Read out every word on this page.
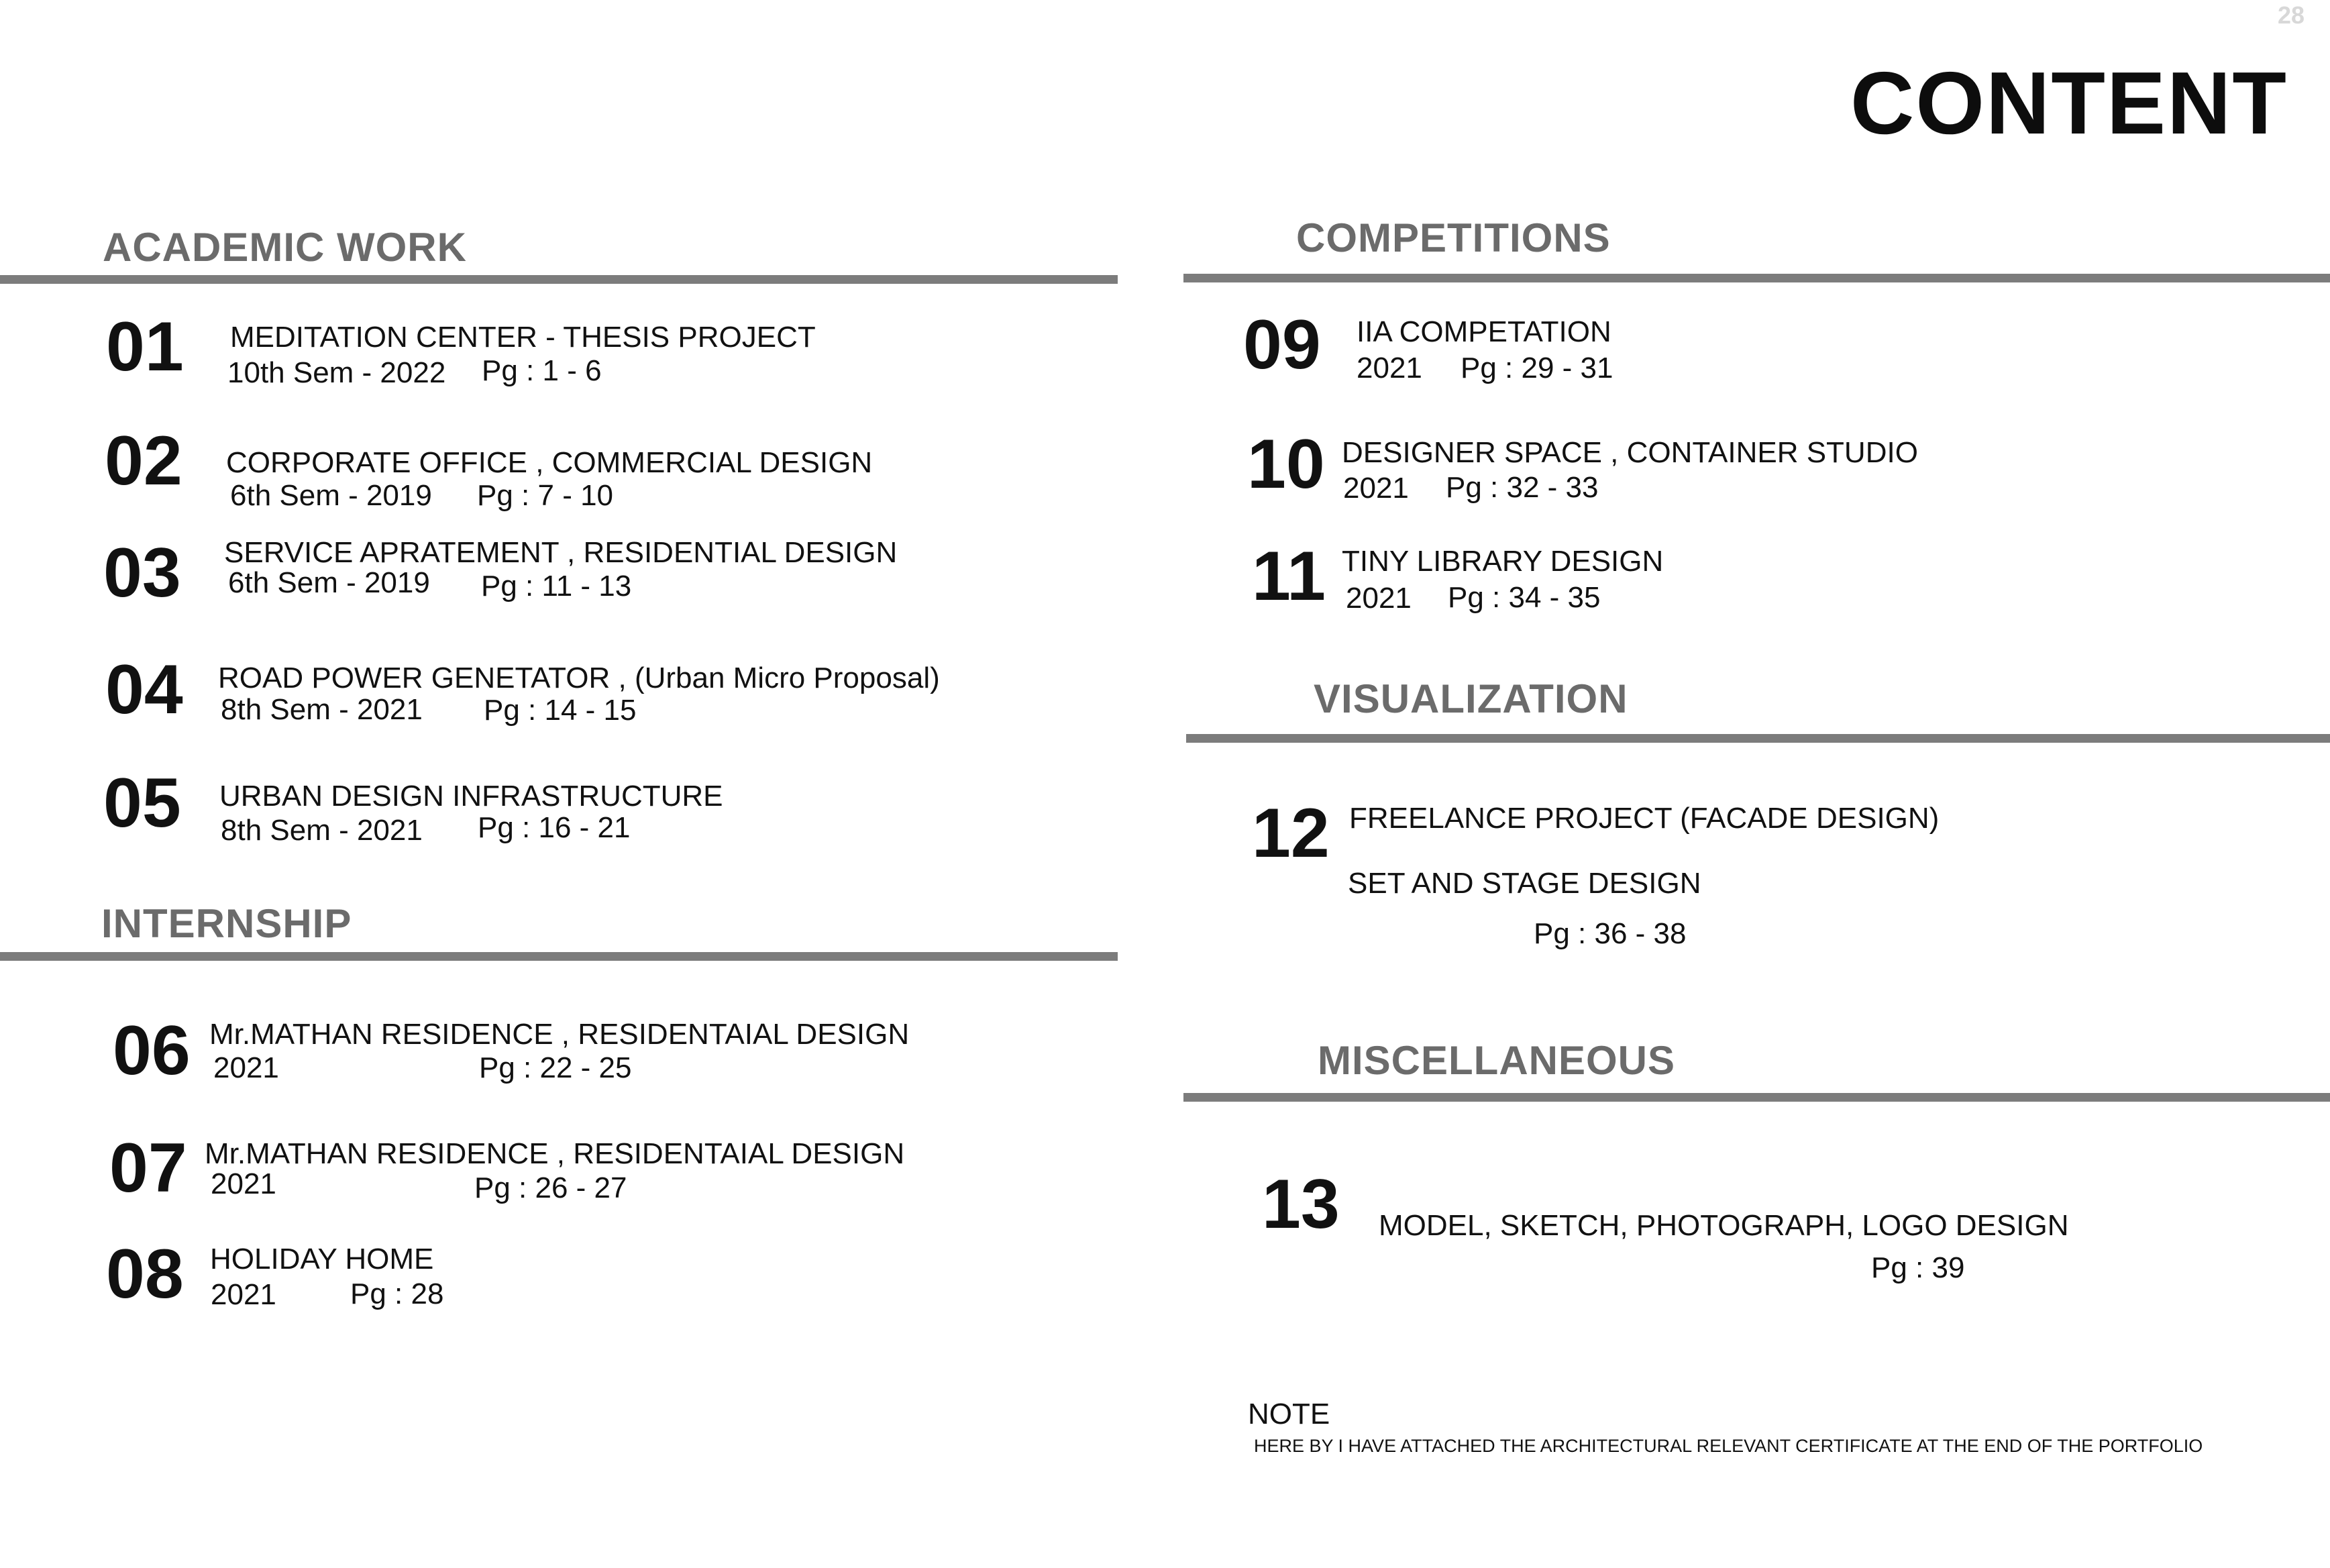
28
CONTENT
ACADEMIC WORK
01 MEDITATION CENTER - THESIS PROJECT
10th Sem - 2022 Pg : 1 - 6
02 CORPORATE OFFICE , COMMERCIAL DESIGN
6th Sem - 2019 Pg : 7 - 10
03 SERVICE APRATEMENT , RESIDENTIAL DESIGN
6th Sem - 2019 Pg : 11 - 13
04 ROAD POWER GENETATOR , (Urban Micro Proposal)
8th Sem - 2021 Pg : 14 - 15
05 URBAN DESIGN INFRASTRUCTURE
8th Sem - 2021 Pg : 16 - 21
INTERNSHIP
06 Mr.MATHAN RESIDENCE , RESIDENTAIAL DESIGN
2021	Pg : 22 - 25
07 Mr.MATHAN RESIDENCE , RESIDENTAIAL DESIGN
2021	Pg : 26 - 27
08 HOLIDAY HOME
2021	Pg : 28
COMPETITIONS
09 IIA COMPETATION
2021 Pg : 29 - 31
10 DESIGNER SPACE , CONTAINER STUDIO
2021 Pg : 32 - 33
11 TINY LIBRARY DESIGN
2021 Pg : 34 - 35
VISUALIZATION
12 FREELANCE PROJECT (FACADE DESIGN)
SET AND STAGE DESIGN
Pg : 36 - 38
MISCELLANEOUS
13 MODEL, SKETCH, PHOTOGRAPH, LOGO DESIGN
Pg : 39
NOTE
HERE BY I HAVE ATTACHED THE ARCHITECTURAL RELEVANT CERTIFICATE AT THE END OF THE PORTFOLIO
